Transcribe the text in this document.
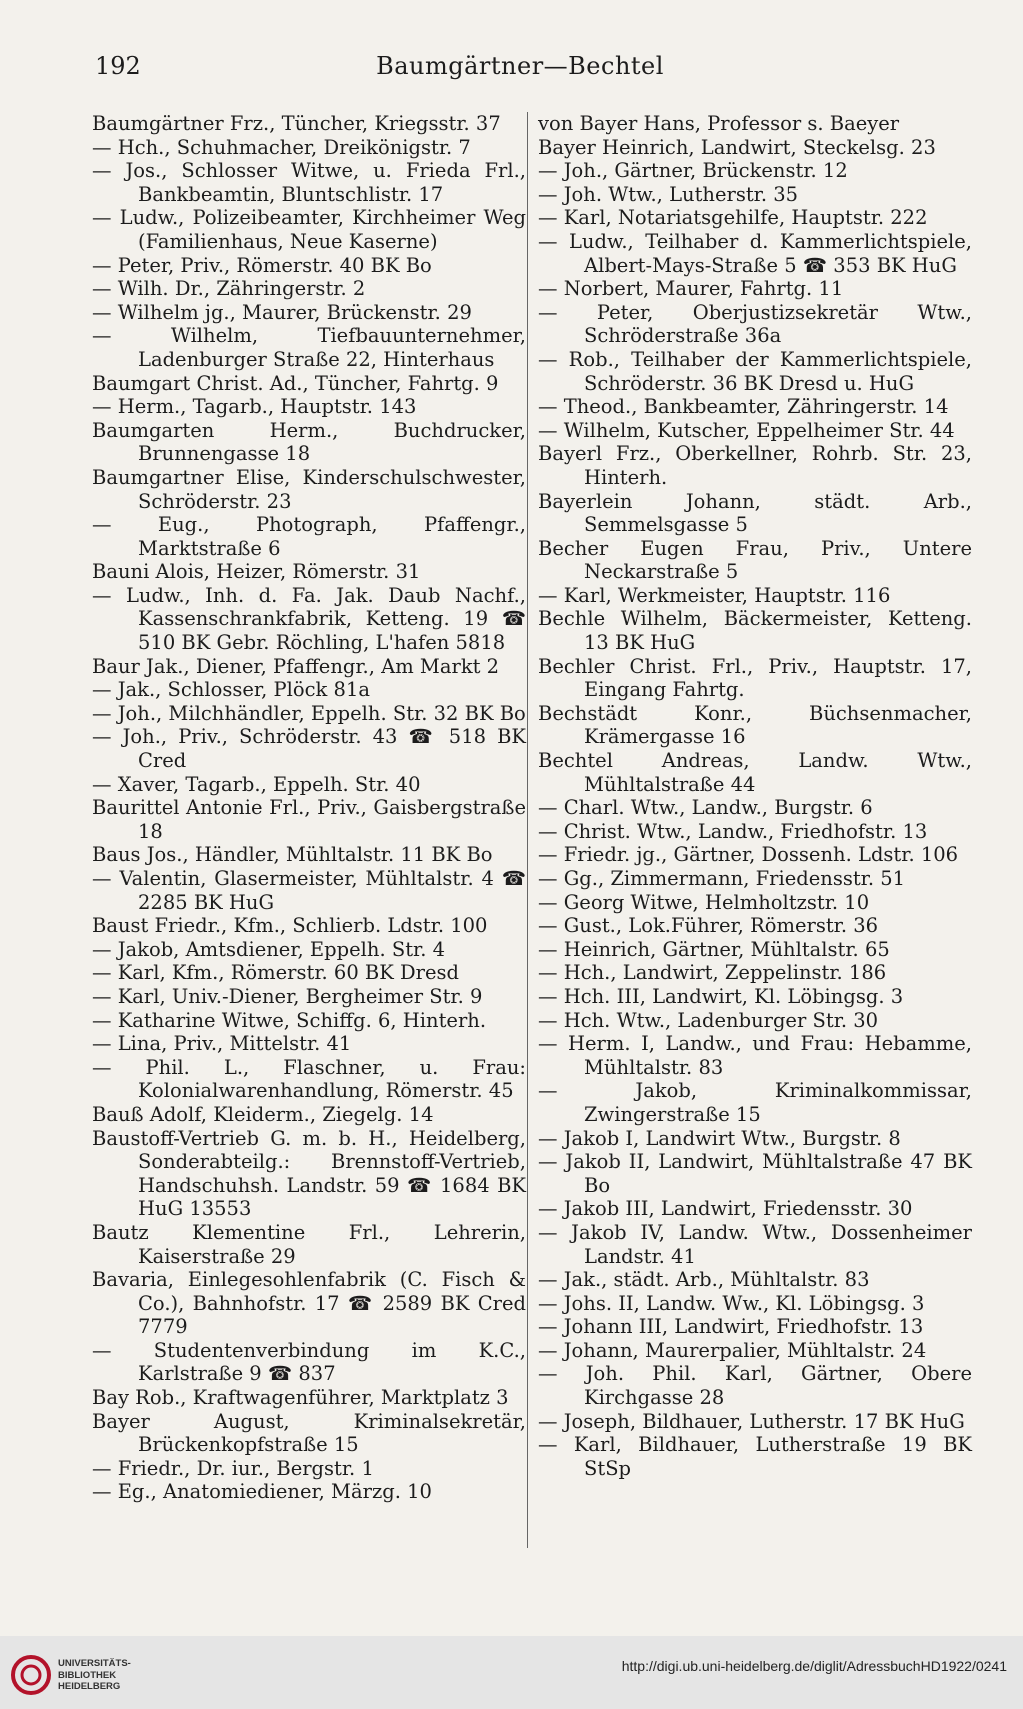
192	Baumgärtner—Bechtel
Baumgärtner Frz., Tüncher, Kriegsstr. 37
— Hch., Schuhmacher, Dreikönigstr. 7
— Jos., Schlosser Witwe, u. Frieda Frl., Bankbeamtin, Bluntschlistr. 17
— Ludw., Polizeibeamter, Kirchheimer Weg (Familienhaus, Neue Kaserne)
— Peter, Priv., Römerstr. 40 BK Bo
— Wilh. Dr., Zähringerstr. 2
— Wilhelm jg., Maurer, Brückenstr. 29
— Wilhelm, Tiefbauunternehmer, Ladenburger Straße 22, Hinterhaus
Baumgart Christ. Ad., Tüncher, Fahrtg. 9
— Herm., Tagarb., Hauptstr. 143
Baumgarten Herm., Buchdrucker, Brunnengasse 18
Baumgartner Elise, Kinderschulschwester, Schröderstr. 23
— Eug., Photograph, Pfaffengr., Marktstraße 6
Bauni Alois, Heizer, Römerstr. 31
— Ludw., Inh. d. Fa. Jak. Daub Nachf., Kassenschrankfabrik, Ketteng. 19 ☎ 510 BK Gebr. Röchling, L'hafen 5818
Baur Jak., Diener, Pfaffengr., Am Markt 2
— Jak., Schlosser, Plöck 81a
— Joh., Milchhändler, Eppelh. Str. 32 BK Bo
— Joh., Priv., Schröderstr. 43 ☎ 518 BK Cred
— Xaver, Tagarb., Eppelh. Str. 40
Baurittel Antonie Frl., Priv., Gaisbergstraße 18
Baus Jos., Händler, Mühltalstr. 11 BK Bo
— Valentin, Glasermeister, Mühltalstr. 4 ☎ 2285 BK HuG
Baust Friedr., Kfm., Schlierb. Ldstr. 100
— Jakob, Amtsdiener, Eppelh. Str. 4
— Karl, Kfm., Römerstr. 60 BK Dresd
— Karl, Univ.-Diener, Bergheimer Str. 9
— Katharine Witwe, Schiffg. 6, Hinterh.
— Lina, Priv., Mittelstr. 41
— Phil. L., Flaschner, u. Frau: Kolonialwarenhandlung, Römerstr. 45
Bauß Adolf, Kleiderm., Ziegelg. 14
Baustoff-Vertrieb G. m. b. H., Heidelberg, Sonderabteilg.: Brennstoff-Vertrieb, Handschuhsh. Landstr. 59 ☎ 1684 BK HuG 13553
Bautz Klementine Frl., Lehrerin, Kaiserstraße 29
Bavaria, Einlegesohlenfabrik (C. Fisch & Co.), Bahnhofstr. 17 ☎ 2589 BK Cred 7779
— Studentenverbindung im K.C., Karlstraße 9 ☎ 837
Bay Rob., Kraftwagenführer, Marktplatz 3
Bayer August, Kriminalsekretär, Brückenkopfstraße 15
— Friedr., Dr. iur., Bergstr. 1
— Eg., Anatomiediener, Märzg. 10
von Bayer Hans, Professor s. Baeyer
Bayer Heinrich, Landwirt, Steckelsg. 23
— Joh., Gärtner, Brückenstr. 12
— Joh. Wtw., Lutherstr. 35
— Karl, Notariatsgehilfe, Hauptstr. 222
— Ludw., Teilhaber d. Kammerlichtspiele, Albert-Mays-Straße 5 ☎ 353 BK HuG
— Norbert, Maurer, Fahrtg. 11
— Peter, Oberjustizsekretär Wtw., Schröderstraße 36a
— Rob., Teilhaber der Kammerlichtspiele, Schröderstr. 36 BK Dresd u. HuG
— Theod., Bankbeamter, Zähringerstr. 14
— Wilhelm, Kutscher, Eppelheimer Str. 44
Bayerl Frz., Oberkellner, Rohrb. Str. 23, Hinterh.
Bayerlein Johann, städt. Arb., Semmelsgasse 5
Becher Eugen Frau, Priv., Untere Neckarstraße 5
— Karl, Werkmeister, Hauptstr. 116
Bechle Wilhelm, Bäckermeister, Ketteng. 13 BK HuG
Bechler Christ. Frl., Priv., Hauptstr. 17, Eingang Fahrtg.
Bechstädt Konr., Büchsenmacher, Krämergasse 16
Bechtel Andreas, Landw. Wtw., Mühltalstraße 44
— Charl. Wtw., Landw., Burgstr. 6
— Christ. Wtw., Landw., Friedhofstr. 13
— Friedr. jg., Gärtner, Dossenh. Ldstr. 106
— Gg., Zimmermann, Friedensstr. 51
— Georg Witwe, Helmholtzstr. 10
— Gust., Lok.Führer, Römerstr. 36
— Heinrich, Gärtner, Mühltalstr. 65
— Hch., Landwirt, Zeppelinstr. 186
— Hch. III, Landwirt, Kl. Löbingsg. 3
— Hch. Wtw., Ladenburger Str. 30
— Herm. I, Landw., und Frau: Hebamme, Mühltalstr. 83
— Jakob, Kriminalkommissar, Zwingerstraße 15
— Jakob I, Landwirt Wtw., Burgstr. 8
— Jakob II, Landwirt, Mühltalstraße 47 BK Bo
— Jakob III, Landwirt, Friedensstr. 30
— Jakob IV, Landw. Wtw., Dossenheimer Landstr. 41
— Jak., städt. Arb., Mühltalstr. 83
— Johs. II, Landw. Ww., Kl. Löbingsg. 3
— Johann III, Landwirt, Friedhofstr. 13
— Johann, Maurerpalier, Mühltalstr. 24
— Joh. Phil. Karl, Gärtner, Obere Kirchgasse 28
— Joseph, Bildhauer, Lutherstr. 17 BK HuG
— Karl, Bildhauer, Lutherstraße 19 BK StSp
UNIVERSITÄTS-
BIBLIOTHEK
HEIDELBERG
http://digi.ub.uni-heidelberg.de/diglit/AdressbuchHD1922/0241
